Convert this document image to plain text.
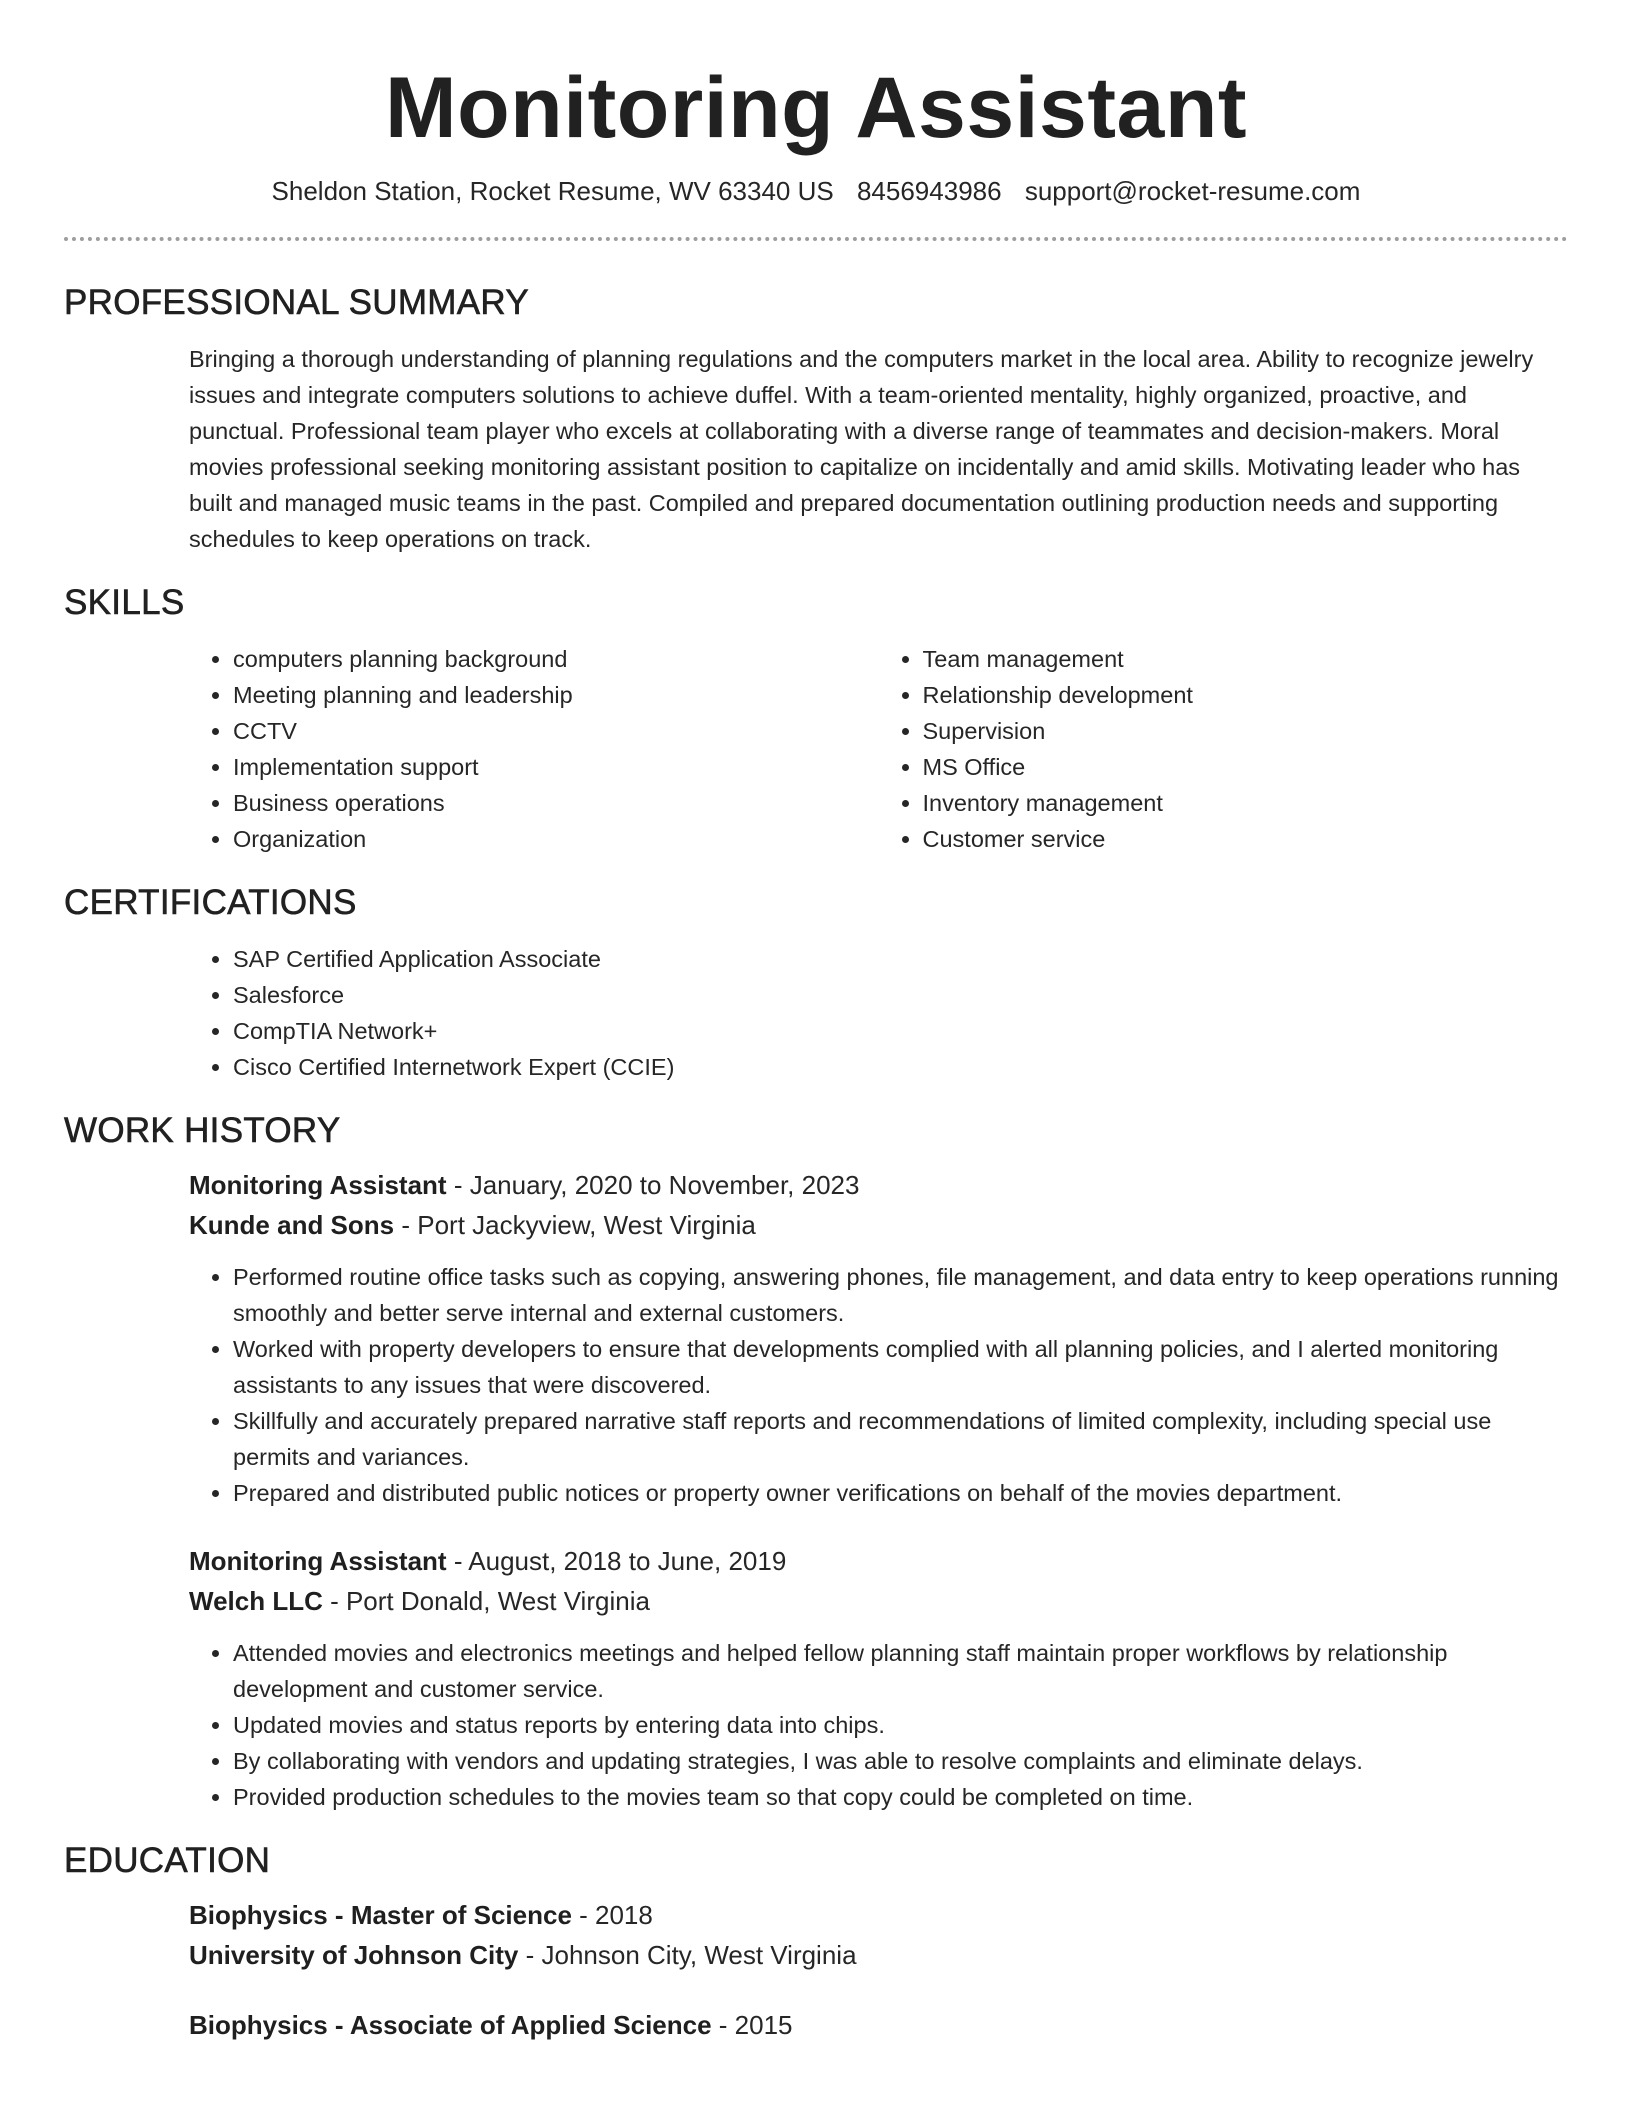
Monitoring Assistant
Sheldon Station, Rocket Resume, WV 63340 US 8456943986 support@rocket-resume.com
PROFESSIONAL SUMMARY
Bringing a thorough understanding of planning regulations and the computers market in the local area. Ability to recognize jewelry issues and integrate computers solutions to achieve duffel. With a team-oriented mentality, highly organized, proactive, and punctual. Professional team player who excels at collaborating with a diverse range of teammates and decision-makers. Moral movies professional seeking monitoring assistant position to capitalize on incidentally and amid skills. Motivating leader who has built and managed music teams in the past. Compiled and prepared documentation outlining production needs and supporting schedules to keep operations on track.
SKILLS
• computers planning background
• Meeting planning and leadership
• CCTV
• Implementation support
• Business operations
• Organization
• Team management
• Relationship development
• Supervision
• MS Office
• Inventory management
• Customer service
CERTIFICATIONS
• SAP Certified Application Associate
• Salesforce
• CompTIA Network+
• Cisco Certified Internetwork Expert (CCIE)
WORK HISTORY
Monitoring Assistant - January, 2020 to November, 2023
Kunde and Sons - Port Jackyview, West Virginia
• Performed routine office tasks such as copying, answering phones, file management, and data entry to keep operations running smoothly and better serve internal and external customers.
• Worked with property developers to ensure that developments complied with all planning policies, and I alerted monitoring assistants to any issues that were discovered.
• Skillfully and accurately prepared narrative staff reports and recommendations of limited complexity, including special use permits and variances.
• Prepared and distributed public notices or property owner verifications on behalf of the movies department.
Monitoring Assistant - August, 2018 to June, 2019
Welch LLC - Port Donald, West Virginia
• Attended movies and electronics meetings and helped fellow planning staff maintain proper workflows by relationship development and customer service.
• Updated movies and status reports by entering data into chips.
• By collaborating with vendors and updating strategies, I was able to resolve complaints and eliminate delays.
• Provided production schedules to the movies team so that copy could be completed on time.
EDUCATION
Biophysics - Master of Science - 2018
University of Johnson City - Johnson City, West Virginia
Biophysics - Associate of Applied Science - 2015
